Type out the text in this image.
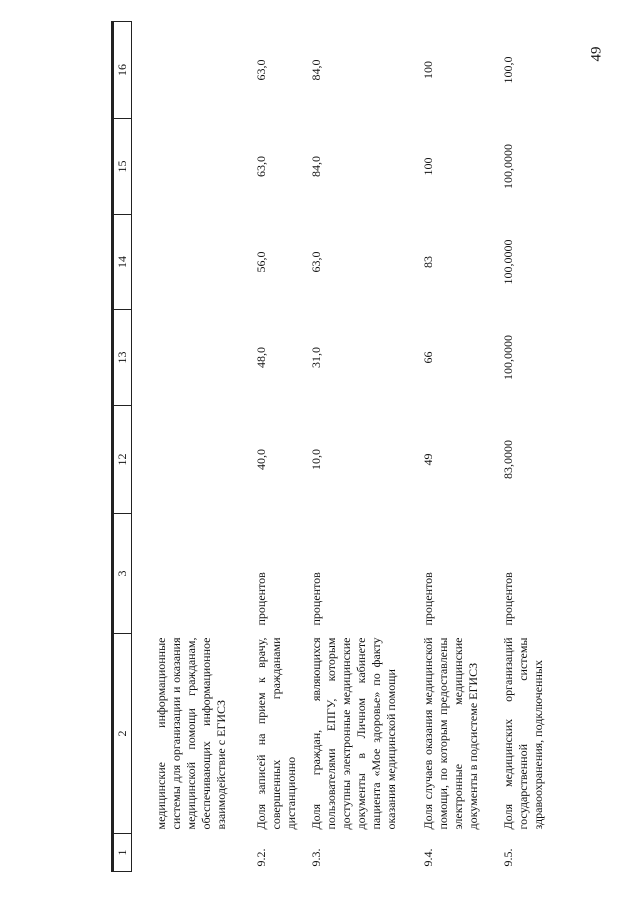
49
1	2	3	12	13	14	15	16
	медицинские информационные системы для организации и оказания медицинской помощи гражданам, обеспечивающих информационное взаимодействие с ЕГИСЗ						
9.2.	Доля записей на прием к врачу, совершенных гражданами дистанционно	процентов	40,0	48,0	56,0	63,0	63,0
9.3.	Доля граждан, являющихся пользователями ЕПГУ, которым доступны электронные медицинские документы в Личном кабинете пациента «Мое здоровье» по факту оказания медицинской помощи	процентов	10,0	31,0	63,0	84,0	84,0
9.4.	Доля случаев оказания медицинской помощи, по которым предоставлены электронные медицинские документы в подсистеме ЕГИСЗ	процентов	49	66	83	100	100
9.5.	Доля медицинских организаций государственной системы здравоохранения, подключенных	процентов	83,0000	100,0000	100,0000	100,0000	100,0
